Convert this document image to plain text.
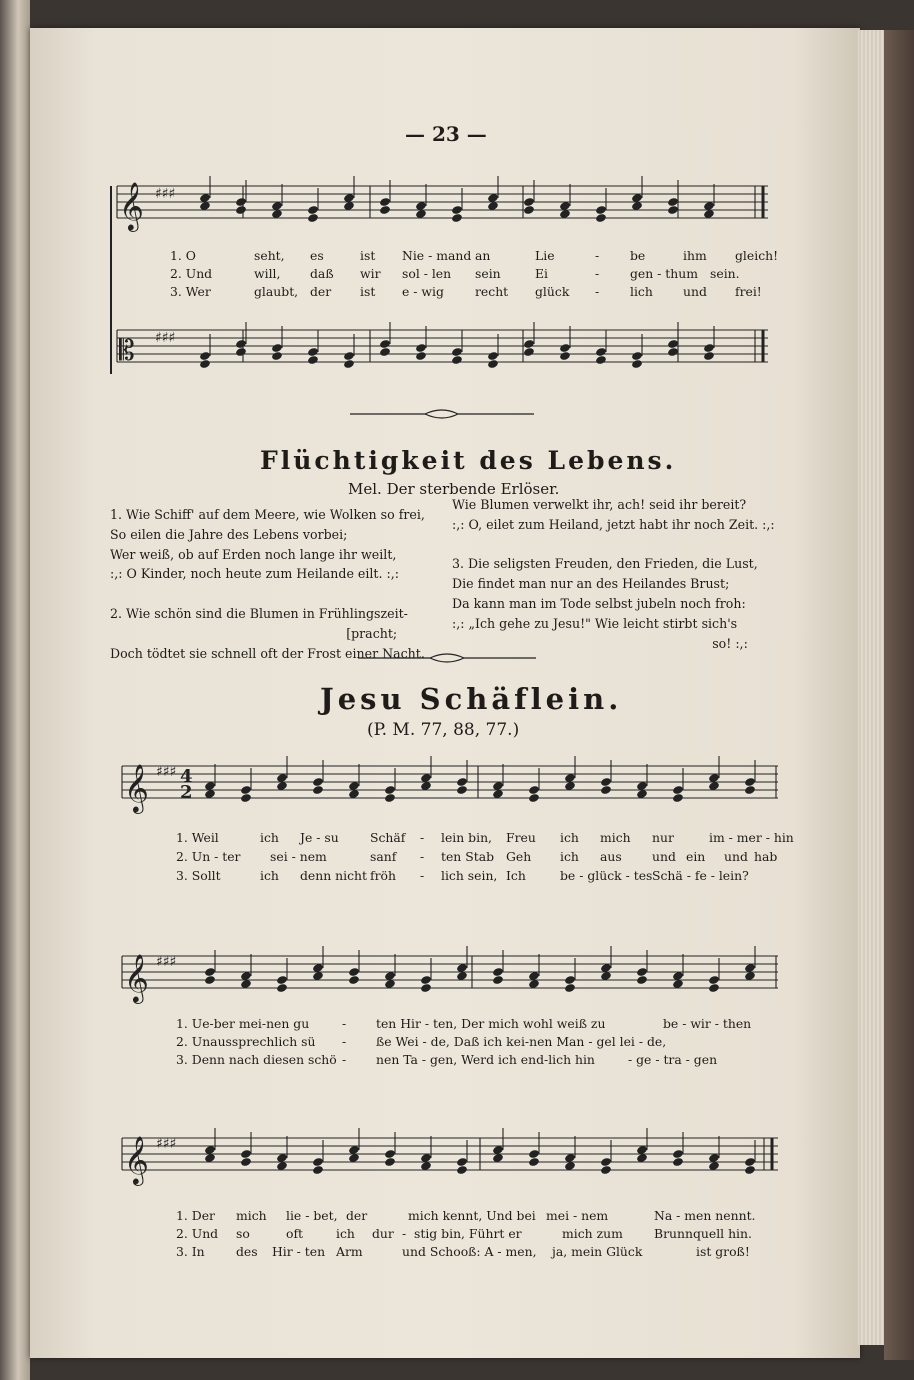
— 23 —
𝄞 ♯♯♯
𝄡 ♯♯♯
1. O	seht, es	ist Nie - mand an	Lie	- be	ihm gleich!
2. Und	will, daß wir sol - len sein	Ei	- gen - thum sein.
3. Wer	glaubt, der ist e - wig	recht glück - lich und frei!
Flüchtigkeit des Lebens.
Mel. Der sterbende Erlöser.
1. Wie Schiff' auf dem Meere, wie Wolken so frei,
So eilen die Jahre des Lebens vorbei;
Wer weiß, ob auf Erden noch lange ihr weilt,
:,: O Kinder, noch heute zum Heilande eilt. :,:

2. Wie schön sind die Blumen in Frühlingszeit-
[pracht;
Doch tödtet sie schnell oft der Frost einer Nacht.
Wie Blumen verwelkt ihr, ach! seid ihr bereit?
:,: O, eilet zum Heiland, jetzt habt ihr noch Zeit. :,:

3. Die seligsten Freuden, den Frieden, die Lust,
Die findet man nur an des Heilandes Brust;
Da kann man im Tode selbst jubeln noch froh:
:,: „Ich gehe zu Jesu!" Wie leicht stirbt sich's
so! :,:
Jesu Schäflein.
(P. M. 77, 88, 77.)
𝄞 ♯♯♯ 4
2
1. Weil	ich Je - su	Schäf - lein bin, Freu ich mich nur	im - mer - hin
2. Un - ter sei - nem	sanf - ten Stab Geh ich aus und ein und hab
3. Sollt	ich denn nicht fröh - lich sein, Ich	be - glück - tes Schä - fe - lein?
𝄞 ♯♯♯
1. Ue-ber mei-nen gu	- ten Hir - ten, Der mich wohl weiß zu	be - wir - then
2. Unaussprechlich sü - ße Wei - de, Daß ich kei-nen Man - gel lei - de,
3. Denn nach diesen schö - nen Ta - gen, Werd ich end-lich hin	- ge - tra - gen
𝄞 ♯♯♯
1. Der mich lie - bet, der	mich kennt, Und bei mei - nem	Na - men nennt.
2. Und so	oft	ich dur - stig bin, Führt er	mich zum	Brunnquell hin.
3. In	des Hir - ten Arm	und Schooß: A - men, ja, mein Glück	ist groß!
